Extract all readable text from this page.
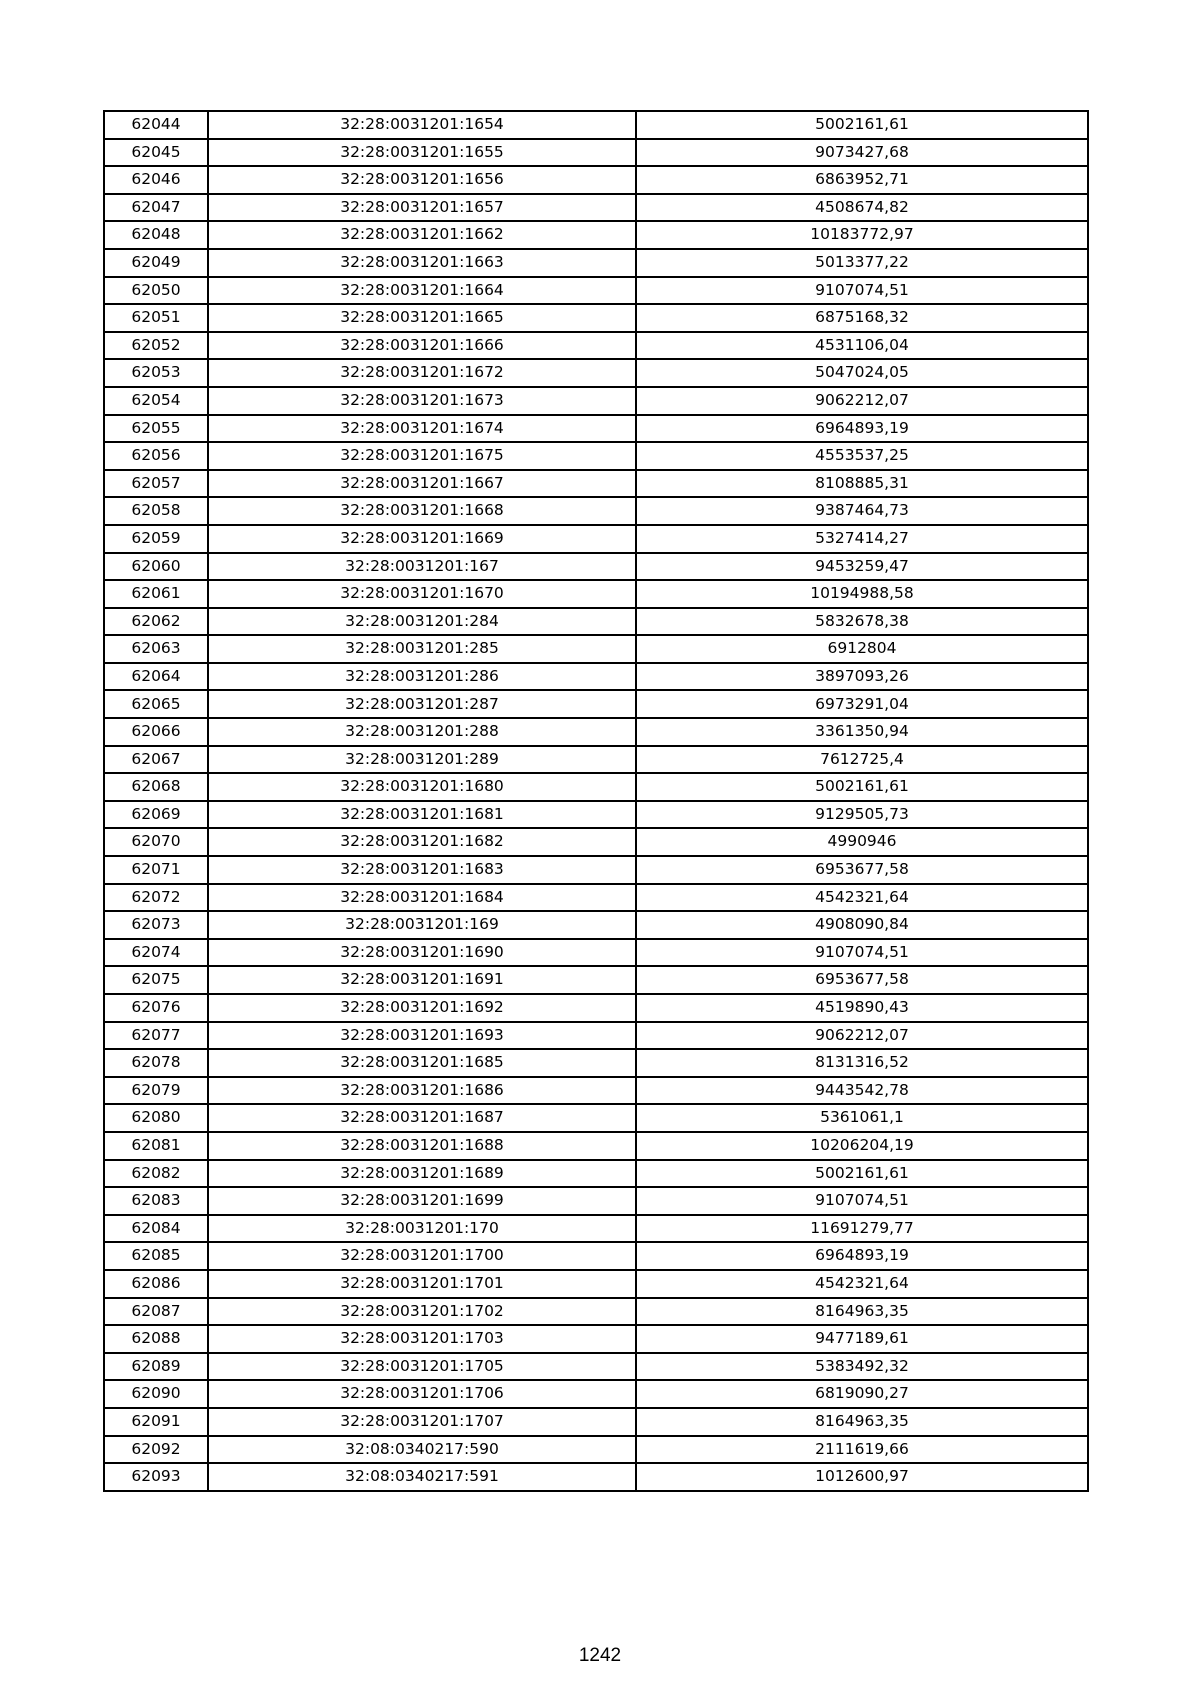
62044	32:28:0031201:1654	5002161,61
62045	32:28:0031201:1655	9073427,68
62046	32:28:0031201:1656	6863952,71
62047	32:28:0031201:1657	4508674,82
62048	32:28:0031201:1662	10183772,97
62049	32:28:0031201:1663	5013377,22
62050	32:28:0031201:1664	9107074,51
62051	32:28:0031201:1665	6875168,32
62052	32:28:0031201:1666	4531106,04
62053	32:28:0031201:1672	5047024,05
62054	32:28:0031201:1673	9062212,07
62055	32:28:0031201:1674	6964893,19
62056	32:28:0031201:1675	4553537,25
62057	32:28:0031201:1667	8108885,31
62058	32:28:0031201:1668	9387464,73
62059	32:28:0031201:1669	5327414,27
62060	32:28:0031201:167	9453259,47
62061	32:28:0031201:1670	10194988,58
62062	32:28:0031201:284	5832678,38
62063	32:28:0031201:285	6912804
62064	32:28:0031201:286	3897093,26
62065	32:28:0031201:287	6973291,04
62066	32:28:0031201:288	3361350,94
62067	32:28:0031201:289	7612725,4
62068	32:28:0031201:1680	5002161,61
62069	32:28:0031201:1681	9129505,73
62070	32:28:0031201:1682	4990946
62071	32:28:0031201:1683	6953677,58
62072	32:28:0031201:1684	4542321,64
62073	32:28:0031201:169	4908090,84
62074	32:28:0031201:1690	9107074,51
62075	32:28:0031201:1691	6953677,58
62076	32:28:0031201:1692	4519890,43
62077	32:28:0031201:1693	9062212,07
62078	32:28:0031201:1685	8131316,52
62079	32:28:0031201:1686	9443542,78
62080	32:28:0031201:1687	5361061,1
62081	32:28:0031201:1688	10206204,19
62082	32:28:0031201:1689	5002161,61
62083	32:28:0031201:1699	9107074,51
62084	32:28:0031201:170	11691279,77
62085	32:28:0031201:1700	6964893,19
62086	32:28:0031201:1701	4542321,64
62087	32:28:0031201:1702	8164963,35
62088	32:28:0031201:1703	9477189,61
62089	32:28:0031201:1705	5383492,32
62090	32:28:0031201:1706	6819090,27
62091	32:28:0031201:1707	8164963,35
62092	32:08:0340217:590	2111619,66
62093	32:08:0340217:591	1012600,97
1242
